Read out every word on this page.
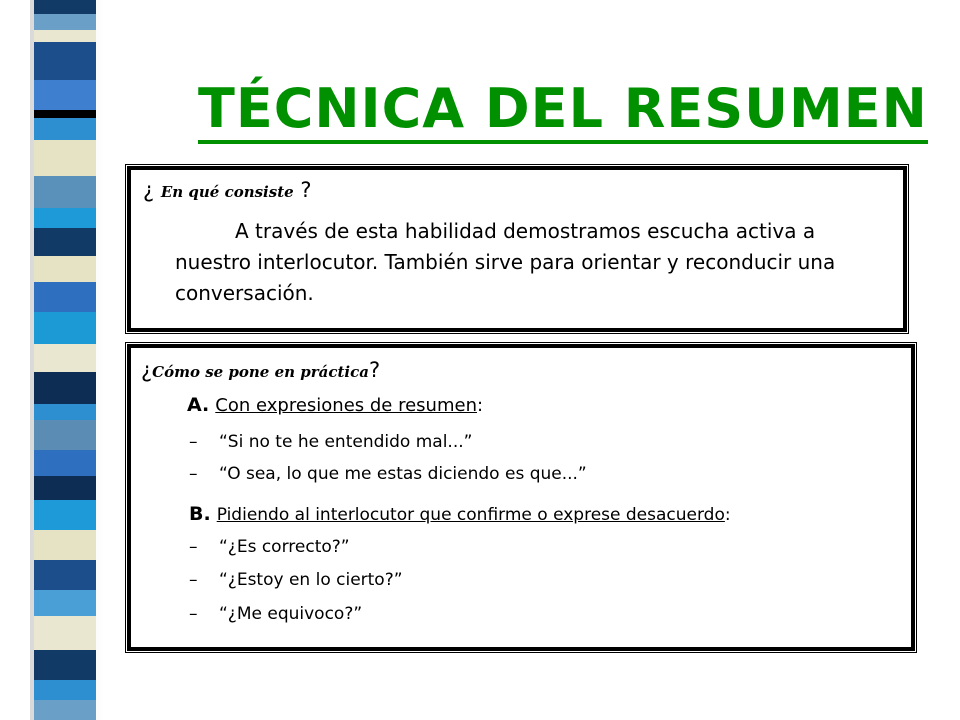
TÉCNICA DEL RESUMEN
¿ En qué consiste ?
A través de esta habilidad demostramos escucha activa a nuestro interlocutor. También sirve para orientar y reconducir una conversación.
¿Cómo se pone en práctica?
A. Con expresiones de resumen:
– “Si no te he entendido mal...”
– “O sea, lo que me estas diciendo es que...”
B. Pidiendo al interlocutor que confirme o exprese desacuerdo:
– “¿Es correcto?”
– “¿Estoy en lo cierto?”
– “¿Me equivoco?”
